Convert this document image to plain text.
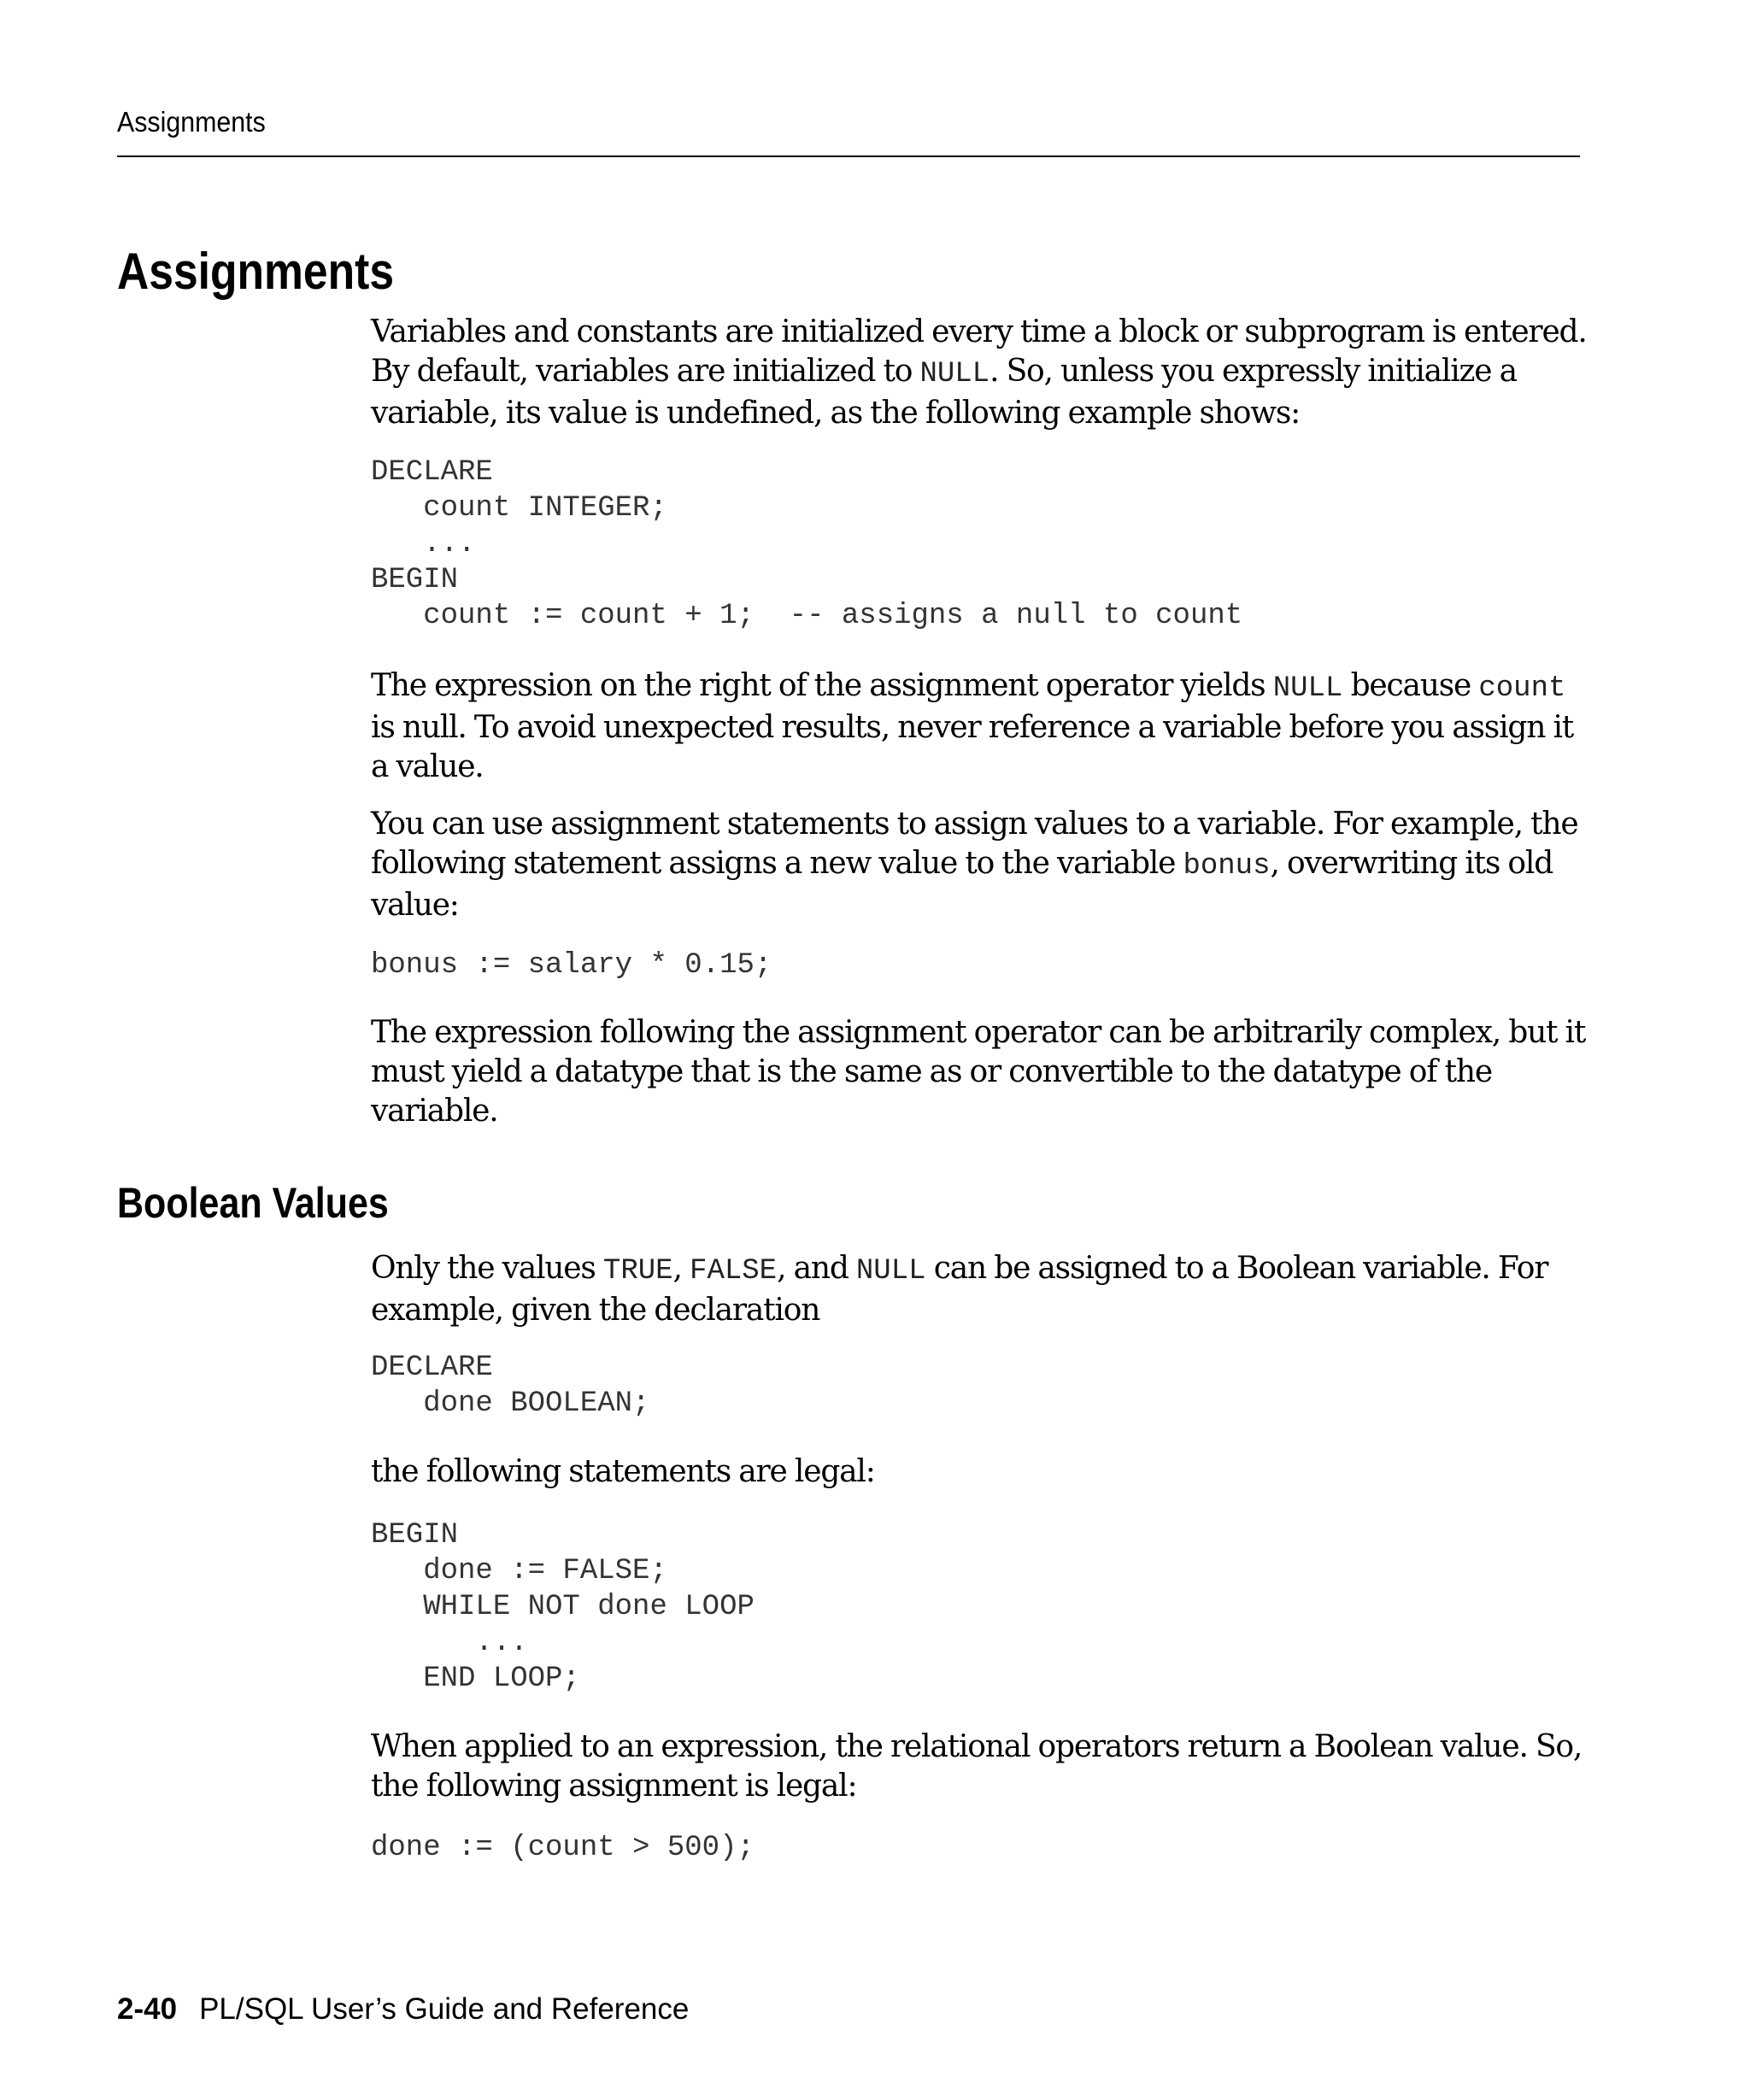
Assignments
Assignments

Variables and constants are initialized every time a block or subprogram is entered. By default, variables are initialized to NULL. So, unless you expressly initialize a variable, its value is undefined, as the following example shows:

DECLARE
count INTEGER;
...
BEGIN
count := count + 1;  -- assigns a null to count

The expression on the right of the assignment operator yields NULL because count is null. To avoid unexpected results, never reference a variable before you assign it a value.

You can use assignment statements to assign values to a variable. For example, the following statement assigns a new value to the variable bonus, overwriting its old value:

bonus := salary * 0.15;

The expression following the assignment operator can be arbitrarily complex, but it must yield a datatype that is the same as or convertible to the datatype of the variable.

Boolean Values

Only the values TRUE, FALSE, and NULL can be assigned to a Boolean variable. For example, given the declaration

DECLARE
done BOOLEAN;

the following statements are legal:

BEGIN
done := FALSE;
WHILE NOT done LOOP
...
END LOOP;

When applied to an expression, the relational operators return a Boolean value. So, the following assignment is legal:

done := (count > 500);
2-40 PL/SQL User’s Guide and Reference
